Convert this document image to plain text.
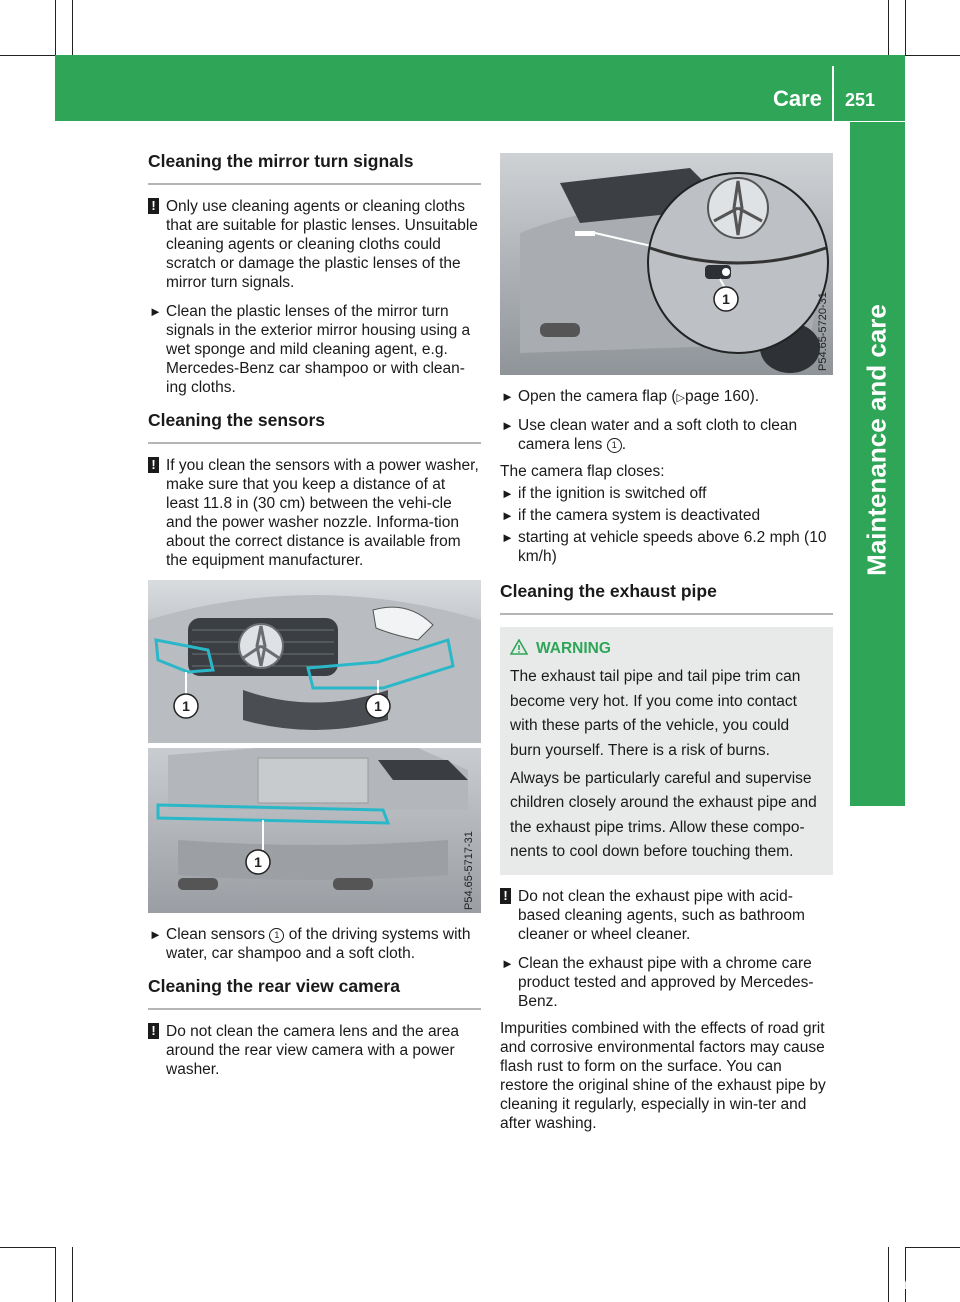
Care 251
Maintenance and care
Cleaning the mirror turn signals
! Only use cleaning agents or cleaning cloths that are suitable for plastic lenses. Unsuitable cleaning agents or cleaning cloths could scratch or damage the plastic lenses of the mirror turn signals.
► Clean the plastic lenses of the mirror turn signals in the exterior mirror housing using a wet sponge and mild cleaning agent, e.g. Mercedes-Benz car shampoo or with clean-ing cloths.
Cleaning the sensors
! If you clean the sensors with a power washer, make sure that you keep a distance of at least 11.8 in (30 cm) between the vehi-cle and the power washer nozzle. Informa-tion about the correct distance is available from the equipment manufacturer.
1	1
1	P54.65-5717-31
► Clean sensors 1 of the driving systems with water, car shampoo and a soft cloth.
Cleaning the rear view camera
! Do not clean the camera lens and the area around the rear view camera with a power washer.
1	P54.65-5720-31
► Open the camera flap (▷page 160).
► Use clean water and a soft cloth to clean camera lens 1 .
The camera flap closes:
► if the ignition is switched off
► if the camera system is deactivated
► starting at vehicle speeds above 6.2 mph (10 km/h)
Cleaning the exhaust pipe
WARNING
The exhaust tail pipe and tail pipe trim can become very hot. If you come into contact with these parts of the vehicle, you could burn yourself. There is a risk of burns.
Always be particularly careful and supervise children closely around the exhaust pipe and the exhaust pipe trims. Allow these compo-nents to cool down before touching them.
! Do not clean the exhaust pipe with acid-based cleaning agents, such as bathroom cleaner or wheel cleaner.
► Clean the exhaust pipe with a chrome care product tested and approved by Mercedes-Benz.
Impurities combined with the effects of road grit and corrosive environmental factors may cause flash rust to form on the surface. You can restore the original shine of the exhaust pipe by cleaning it regularly, especially in win-ter and after washing.
carmanualsonline.info
